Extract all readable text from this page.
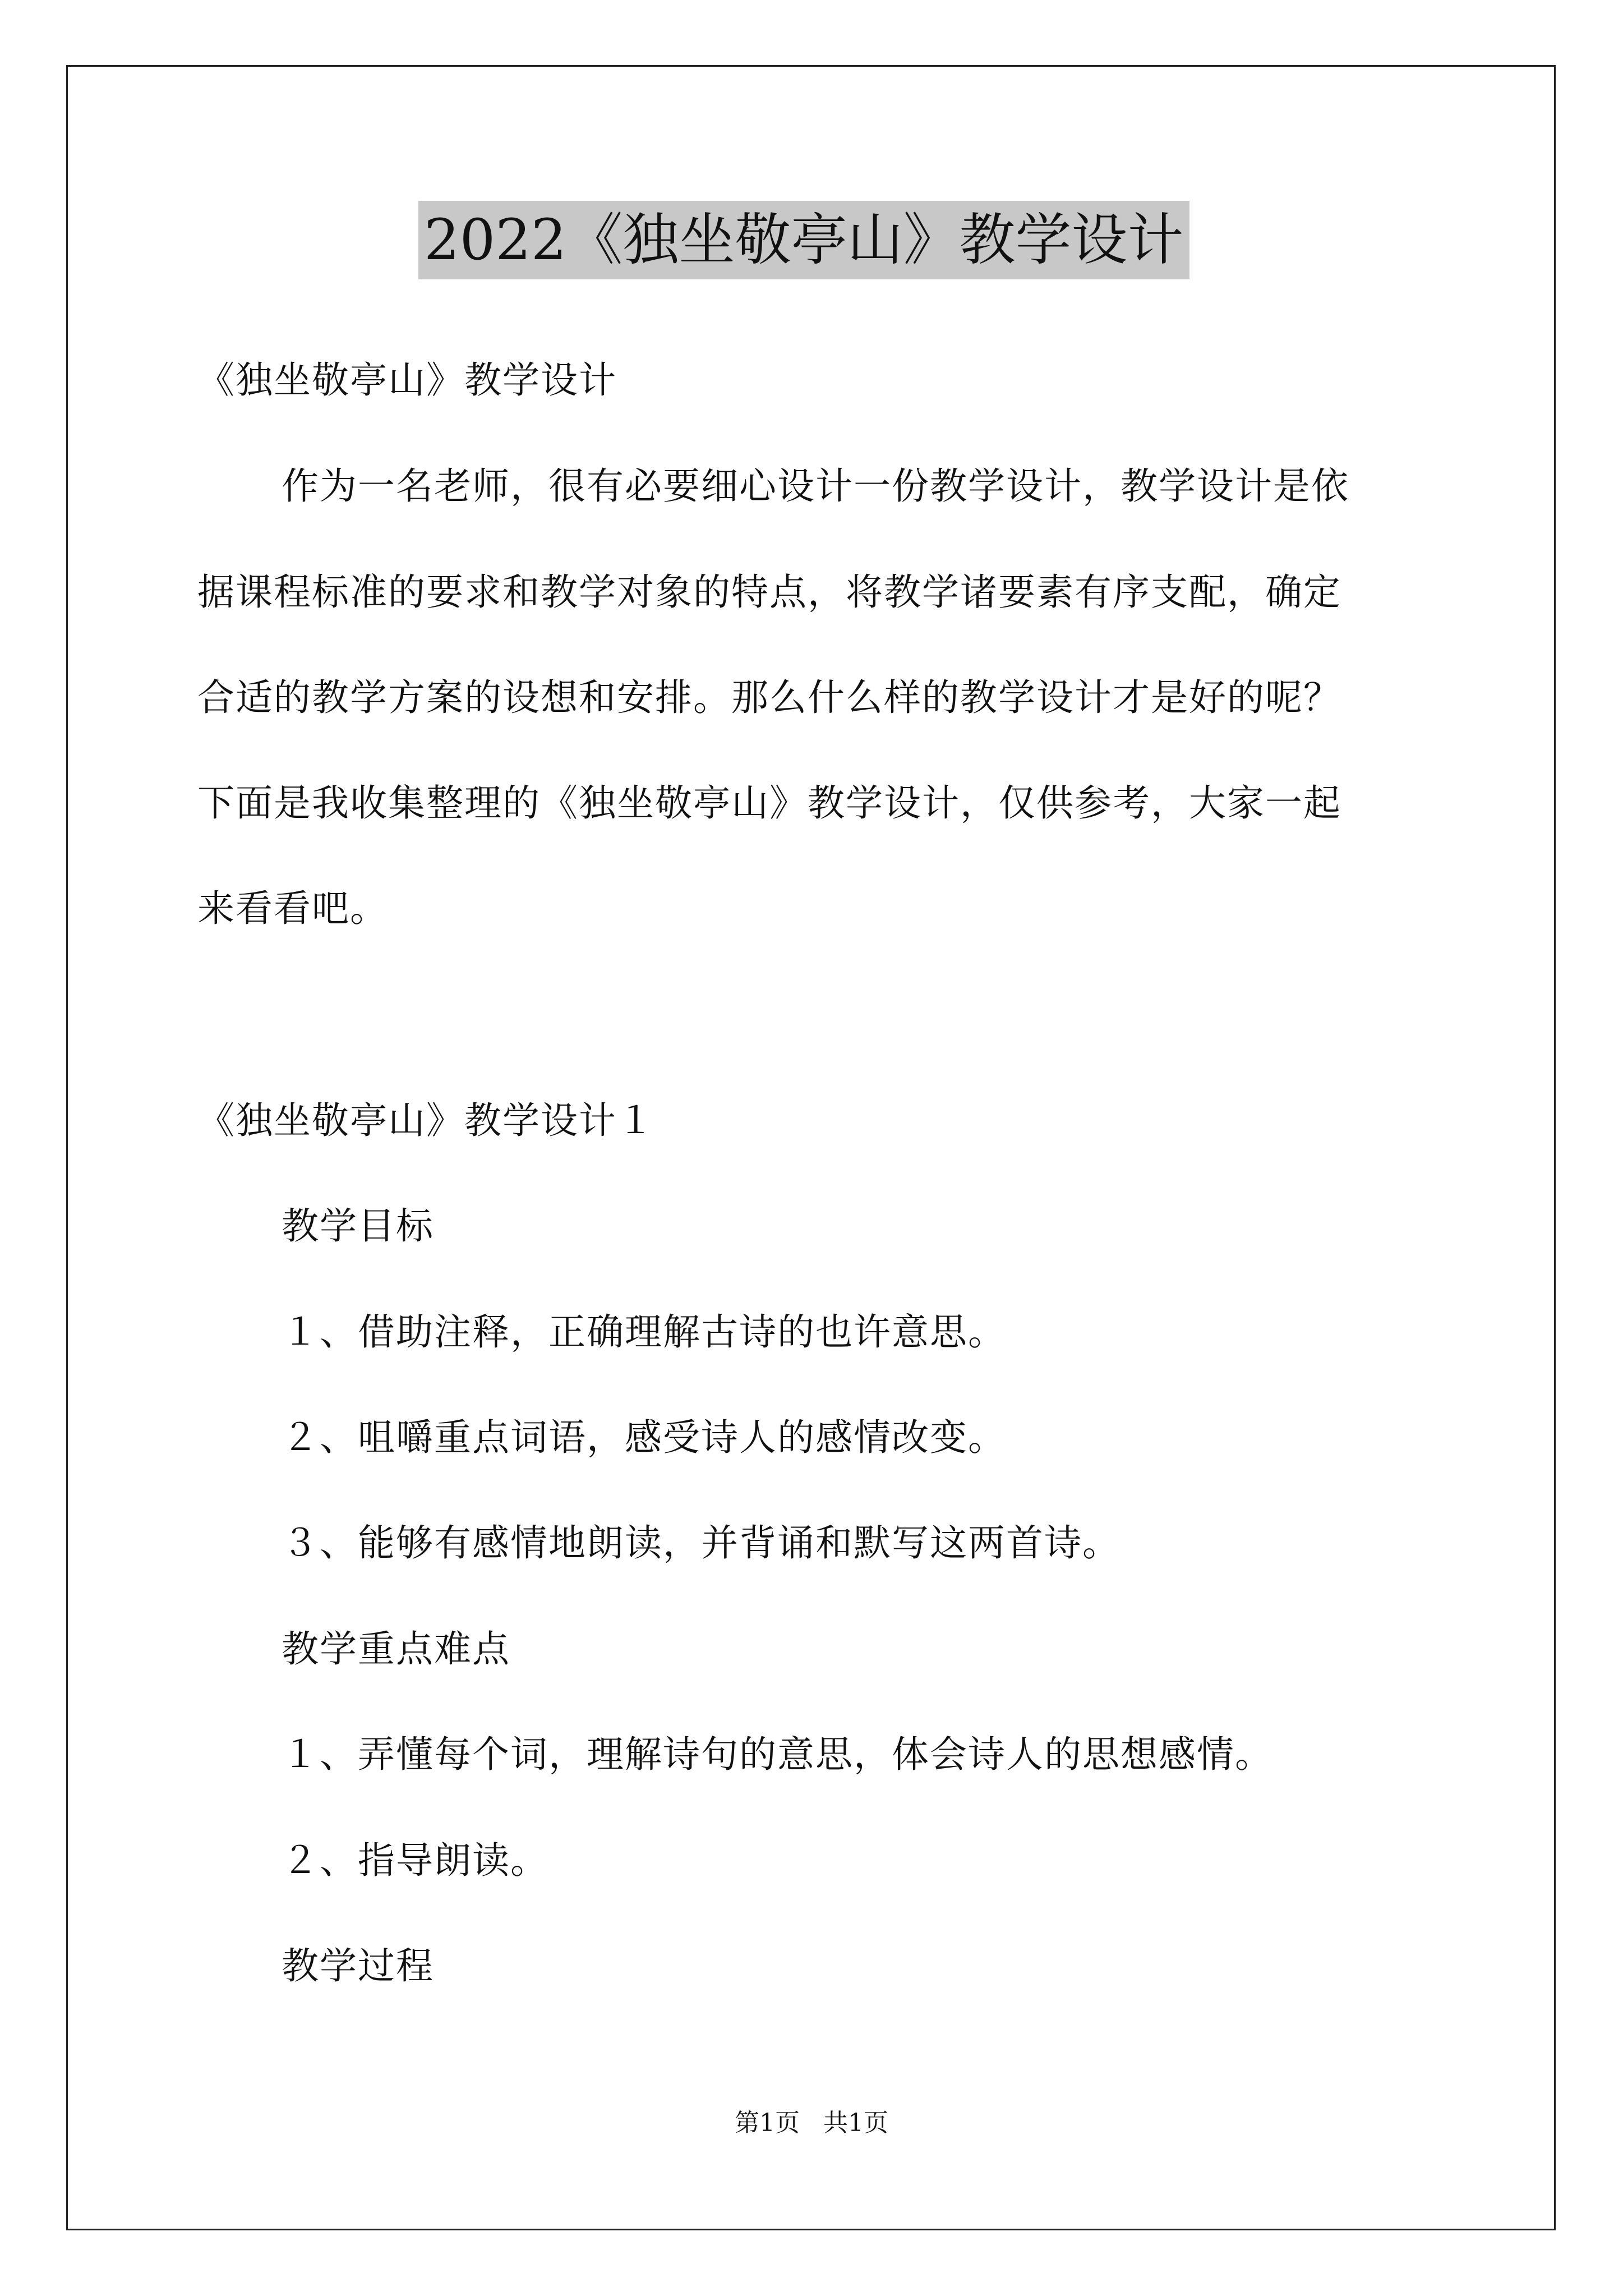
2022《独坐敬亭山》教学设计
《独坐敬亭山》教学设计
作为一名老师，很有必要细心设计一份教学设计，教学设计是依
据课程标准的要求和教学对象的特点，将教学诸要素有序支配，确定
合适的教学方案的设想和安排。那么什么样的教学设计才是好的呢？
下面是我收集整理的《独坐敬亭山》教学设计，仅供参考，大家一起
来看看吧。
《独坐敬亭山》教学设计１
教学目标
１、借助注释，正确理解古诗的也许意思。
２、咀嚼重点词语，感受诗人的感情改变。
３、能够有感情地朗读，并背诵和默写这两首诗。
教学重点难点
１、弄懂每个词，理解诗句的意思，体会诗人的思想感情。
２、指导朗读。
教学过程
第1页 共1页
